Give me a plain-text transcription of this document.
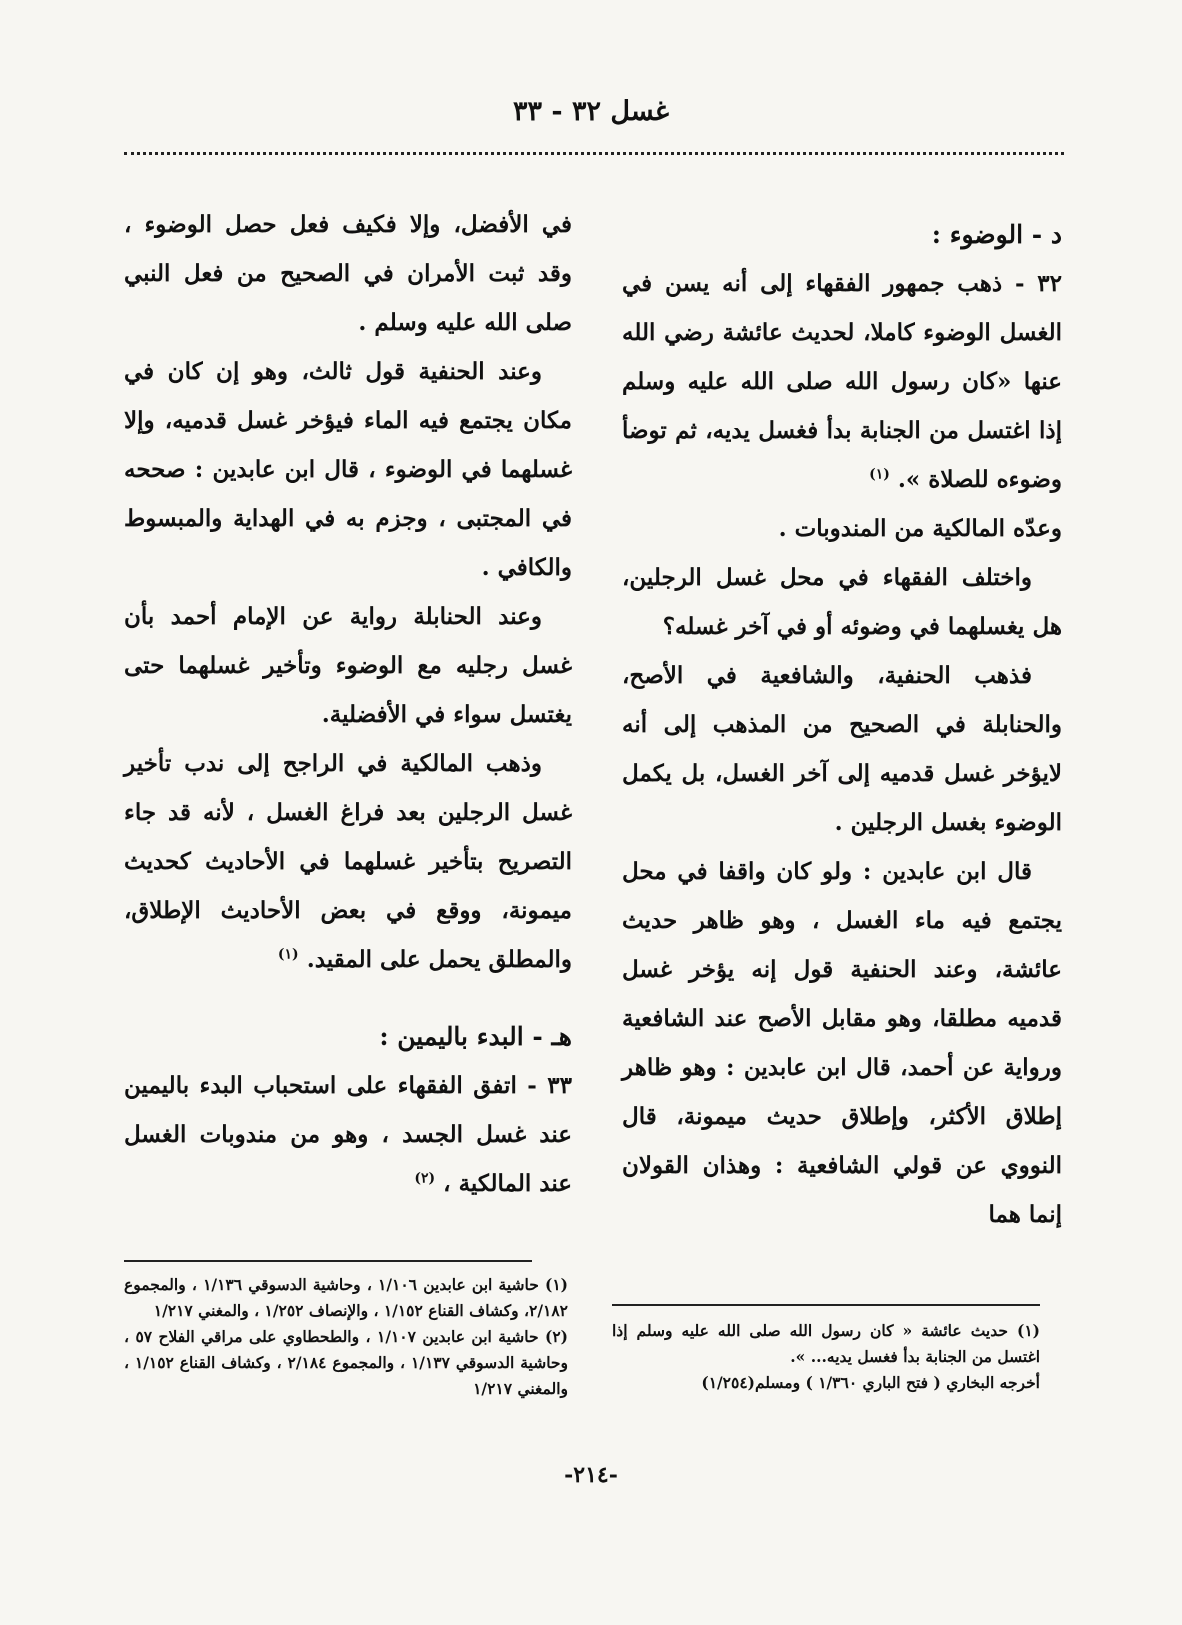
غسل ٣٢ - ٣٣

د - الوضوء :

٣٢ - ذهب جمهور الفقهاء إلى أنه يسن في الغسل الوضوء كاملا، لحديث عائشة رضي الله عنها «كان رسول الله صلى الله عليه وسلم إذا اغتسل من الجنابة بدأ فغسل يديه، ثم توضأ وضوءه للصلاة ». $^{(١)}$

وعدّه المالكية من المندوبات .

واختلف الفقهاء في محل غسل الرجلين، هل يغسلهما في وضوئه أو في آخر غسله؟

فذهب الحنفية، والشافعية في الأصح، والحنابلة في الصحيح من المذهب إلى أنه لايؤخر غسل قدميه إلى آخر الغسل، بل يكمل الوضوء بغسل الرجلين .

قال ابن عابدين : ولو كان واقفا في محل يجتمع فيه ماء الغسل ، وهو ظاهر حديث عائشة، وعند الحنفية قول إنه يؤخر غسل قدميه مطلقا، وهو مقابل الأصح عند الشافعية ورواية عن أحمد، قال ابن عابدين : وهو ظاهر إطلاق الأكثر، وإطلاق حديث ميمونة، قال النووي عن قولي الشافعية : وهذان القولان إنما هما

(١) حديث عائشة « كان رسول الله صلى الله عليه وسلم إذا اغتسل من الجنابة بدأ فغسل يديه... ».

أخرجه البخاري ( فتح الباري ١/٣٦٠ ) ومسلم(١/٢٥٤)

في الأفضل، وإلا فكيف فعل حصل الوضوء ، وقد ثبت الأمران في الصحيح من فعل النبي صلى الله عليه وسلم .

وعند الحنفية قول ثالث، وهو إن كان في مكان يجتمع فيه الماء فيؤخر غسل قدميه، وإلا غسلهما في الوضوء ، قال ابن عابدين : صححه في المجتبى ، وجزم به في الهداية والمبسوط والكافي .

وعند الحنابلة رواية عن الإمام أحمد بأن غسل رجليه مع الوضوء وتأخير غسلهما حتى يغتسل سواء في الأفضلية.

وذهب المالكية في الراجح إلى ندب تأخير غسل الرجلين بعد فراغ الغسل ، لأنه قد جاء التصريح بتأخير غسلهما في الأحاديث كحديث ميمونة، ووقع في بعض الأحاديث الإطلاق، والمطلق يحمل على المقيد. $^{(١)}$

هـ - البدء باليمين :

٣٣ - اتفق الفقهاء على استحباب البدء باليمين عند غسل الجسد ، وهو من مندوبات الغسل عند المالكية ، $^{(٢)}$

(١) حاشية ابن عابدين ١/١٠٦ ، وحاشية الدسوقي ١/١٣٦ ، والمجموع ٢/١٨٢، وكشاف القناع ١/١٥٢ ، والإنصاف ١/٢٥٢ ، والمغني ١/٢١٧

(٢) حاشية ابن عابدين ١/١٠٧ ، والطحطاوي على مراقي الفلاح ٥٧ ، وحاشية الدسوقي ١/١٣٧ ، والمجموع ٢/١٨٤ ، وكشاف القناع ١/١٥٢ ، والمغني ١/٢١٧

-٢١٤-
